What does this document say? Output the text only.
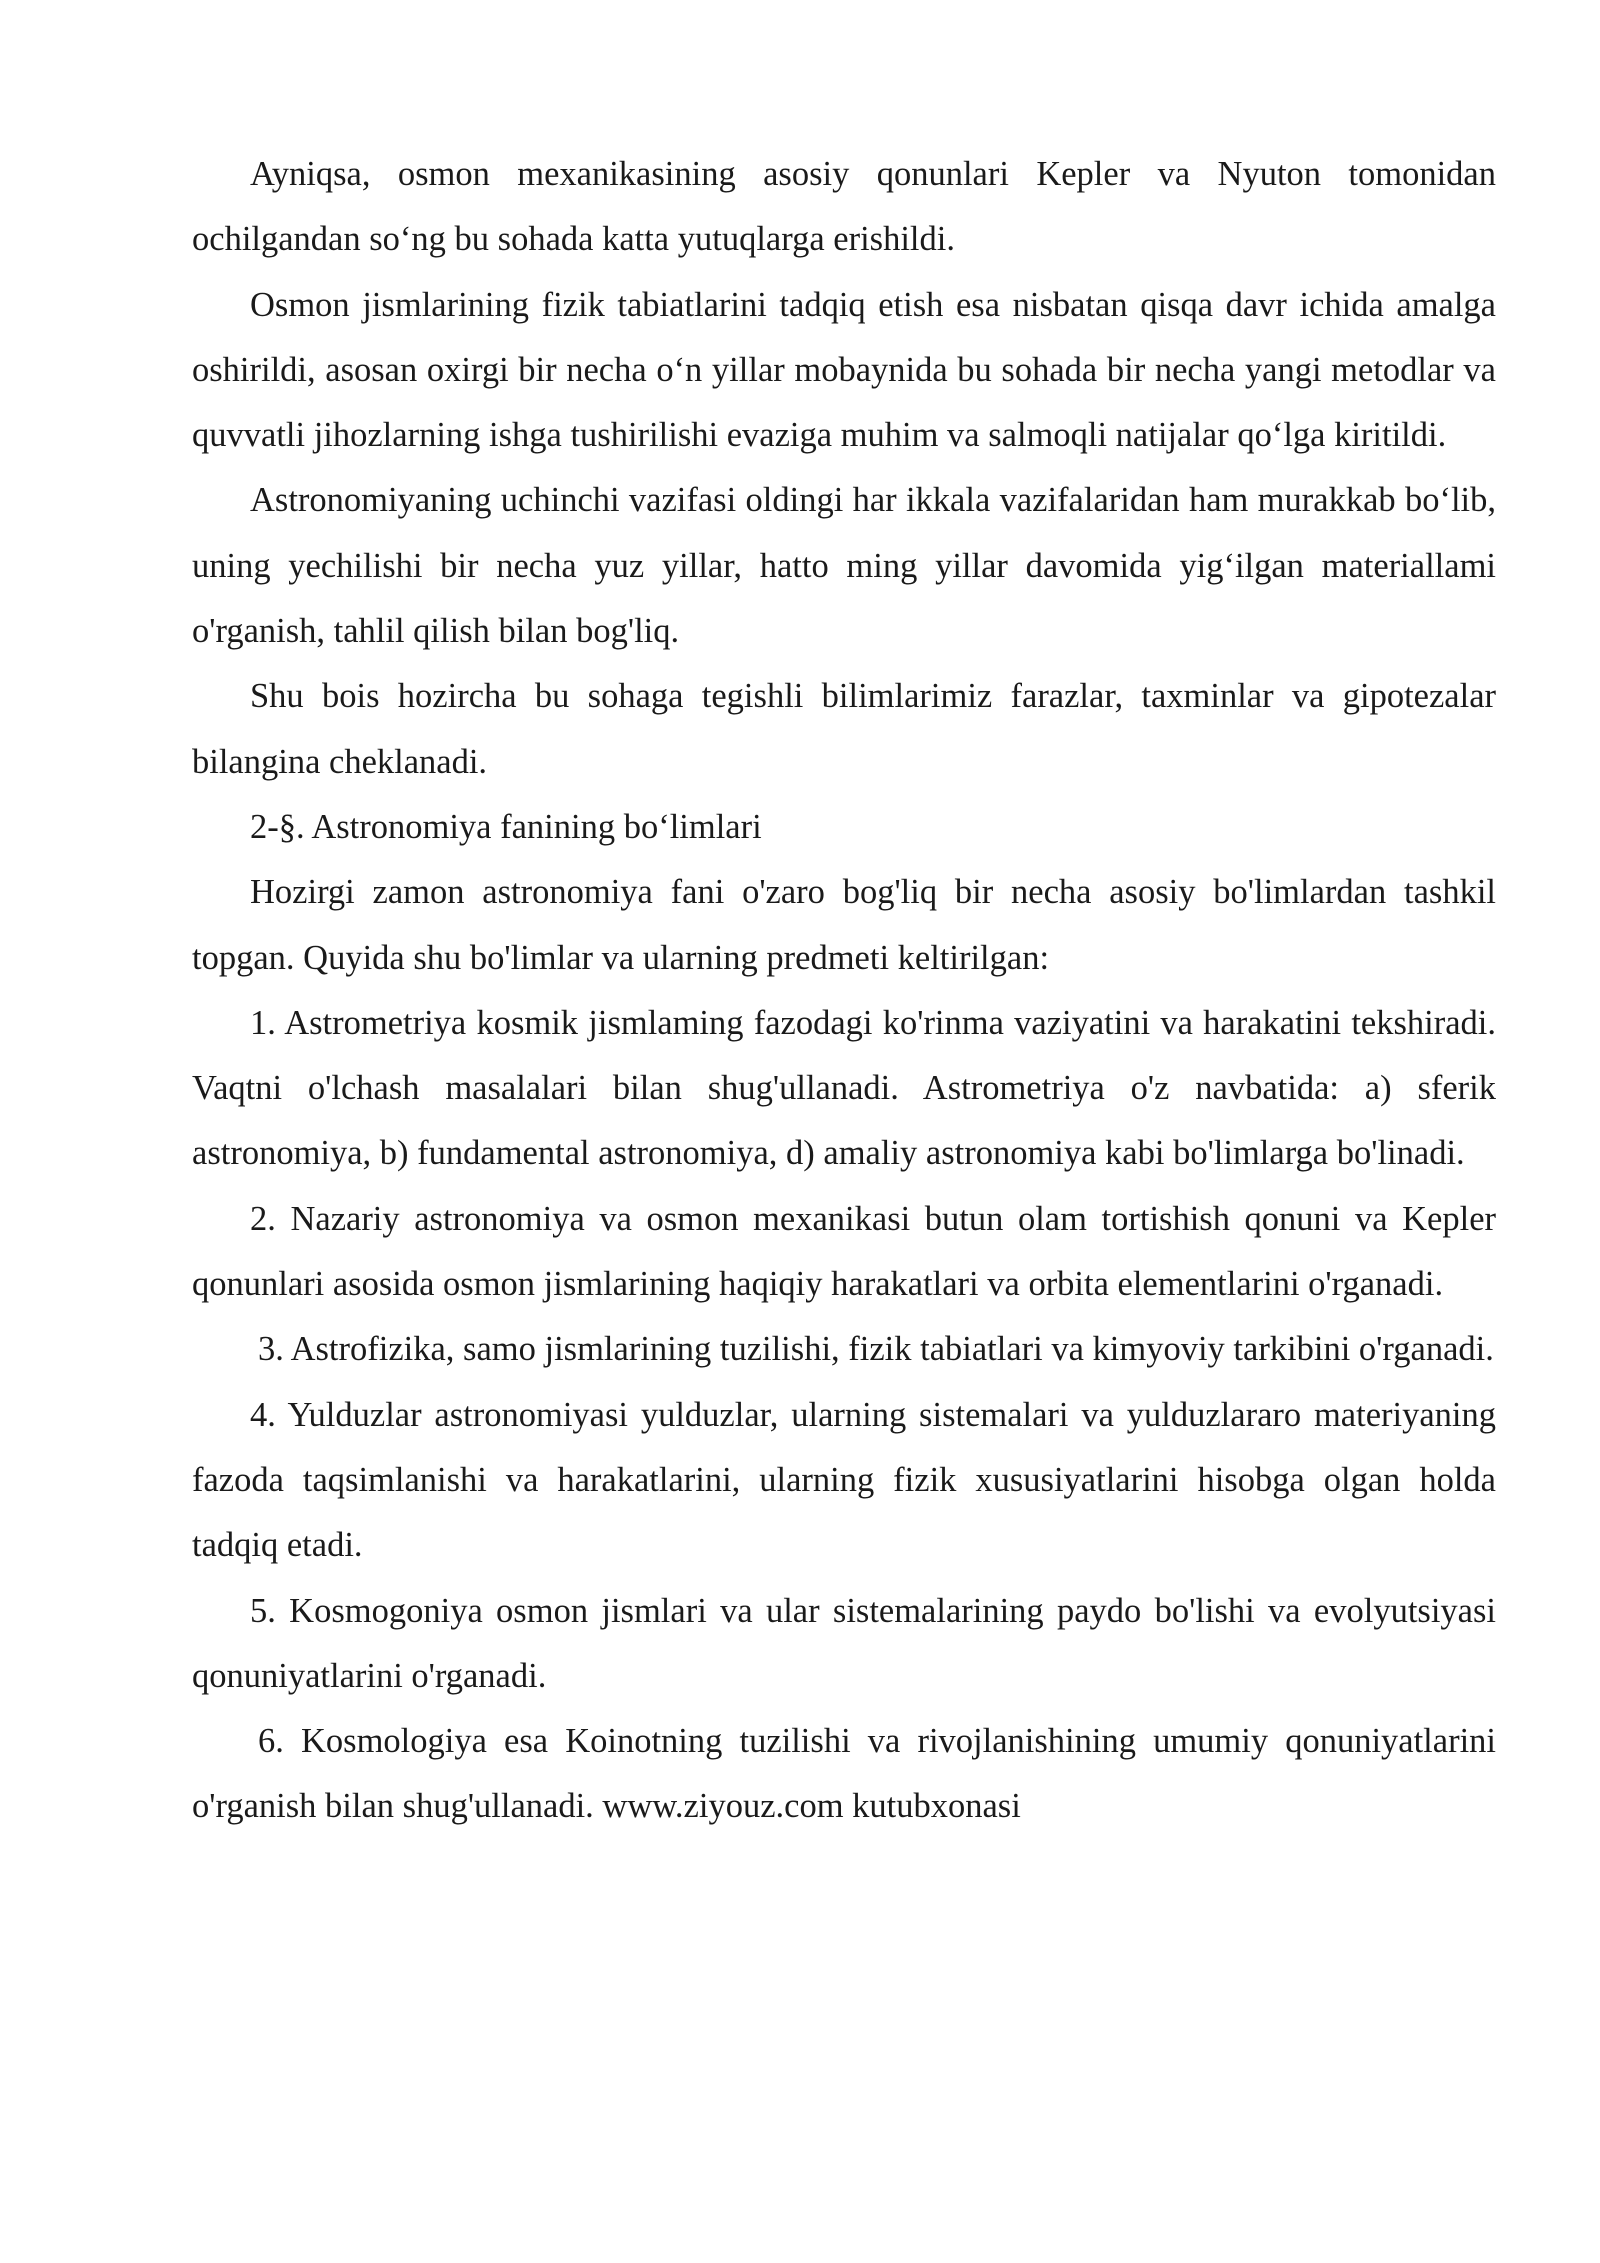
Ayniqsa, osmon mexanikasining asosiy qonunlari Kepler va Nyuton tomonidan ochilgandan so‘ng bu sohada katta yutuqlarga erishildi.

Osmon jismlarining fizik tabiatlarini tadqiq etish esa nisbatan qisqa davr ichida amalga oshirildi, asosan oxirgi bir necha o‘n yillar mobaynida bu sohada bir necha yangi metodlar va quvvatli jihozlarning ishga tushirilishi evaziga muhim va salmoqli natijalar qo‘lga kiritildi.

Astronomiyaning uchinchi vazifasi oldingi har ikkala vazifalaridan ham murakkab bo‘lib, uning yechilishi bir necha yuz yillar, hatto ming yillar davomida yig‘ilgan materiallami o'rganish, tahlil qilish bilan bog'liq.

Shu bois hozircha bu sohaga tegishli bilimlarimiz farazlar, taxminlar va gipotezalar bilangina cheklanadi.

2-§. Astronomiya fanining bo‘limlari

Hozirgi zamon astronomiya fani o'zaro bog'liq bir necha asosiy bo'limlardan tashkil topgan. Quyida shu bo'limlar va ularning predmeti keltirilgan:

1. Astrometriya kosmik jismlaming fazodagi ko'rinma vaziyatini va harakatini tekshiradi. Vaqtni o'lchash masalalari bilan shug'ullanadi. Astrometriya o'z navbatida: a) sferik astronomiya, b) fundamental astronomiya, d) amaliy astronomiya kabi bo'limlarga bo'linadi.

2. Nazariy astronomiya va osmon mexanikasi butun olam tortishish qonuni va Kepler qonunlari asosida osmon jismlarining haqiqiy harakatlari va orbita elementlarini o'rganadi.

3. Astrofizika, samo jismlarining tuzilishi, fizik tabiatlari va kimyoviy tarkibini o'rganadi.

4. Yulduzlar astronomiyasi yulduzlar, ularning sistemalari va yulduzlararo materiyaning fazoda taqsimlanishi va harakatlarini, ularning fizik xususiyatlarini hisobga olgan holda tadqiq etadi.

5. Kosmogoniya osmon jismlari va ular sistemalarining paydo bo'lishi va evolyutsiyasi qonuniyatlarini o'rganadi.

6. Kosmologiya esa Koinotning tuzilishi va rivojlanishining umumiy qonuniyatlarini o'rganish bilan shug'ullanadi. www.ziyouz.com kutubxonasi
